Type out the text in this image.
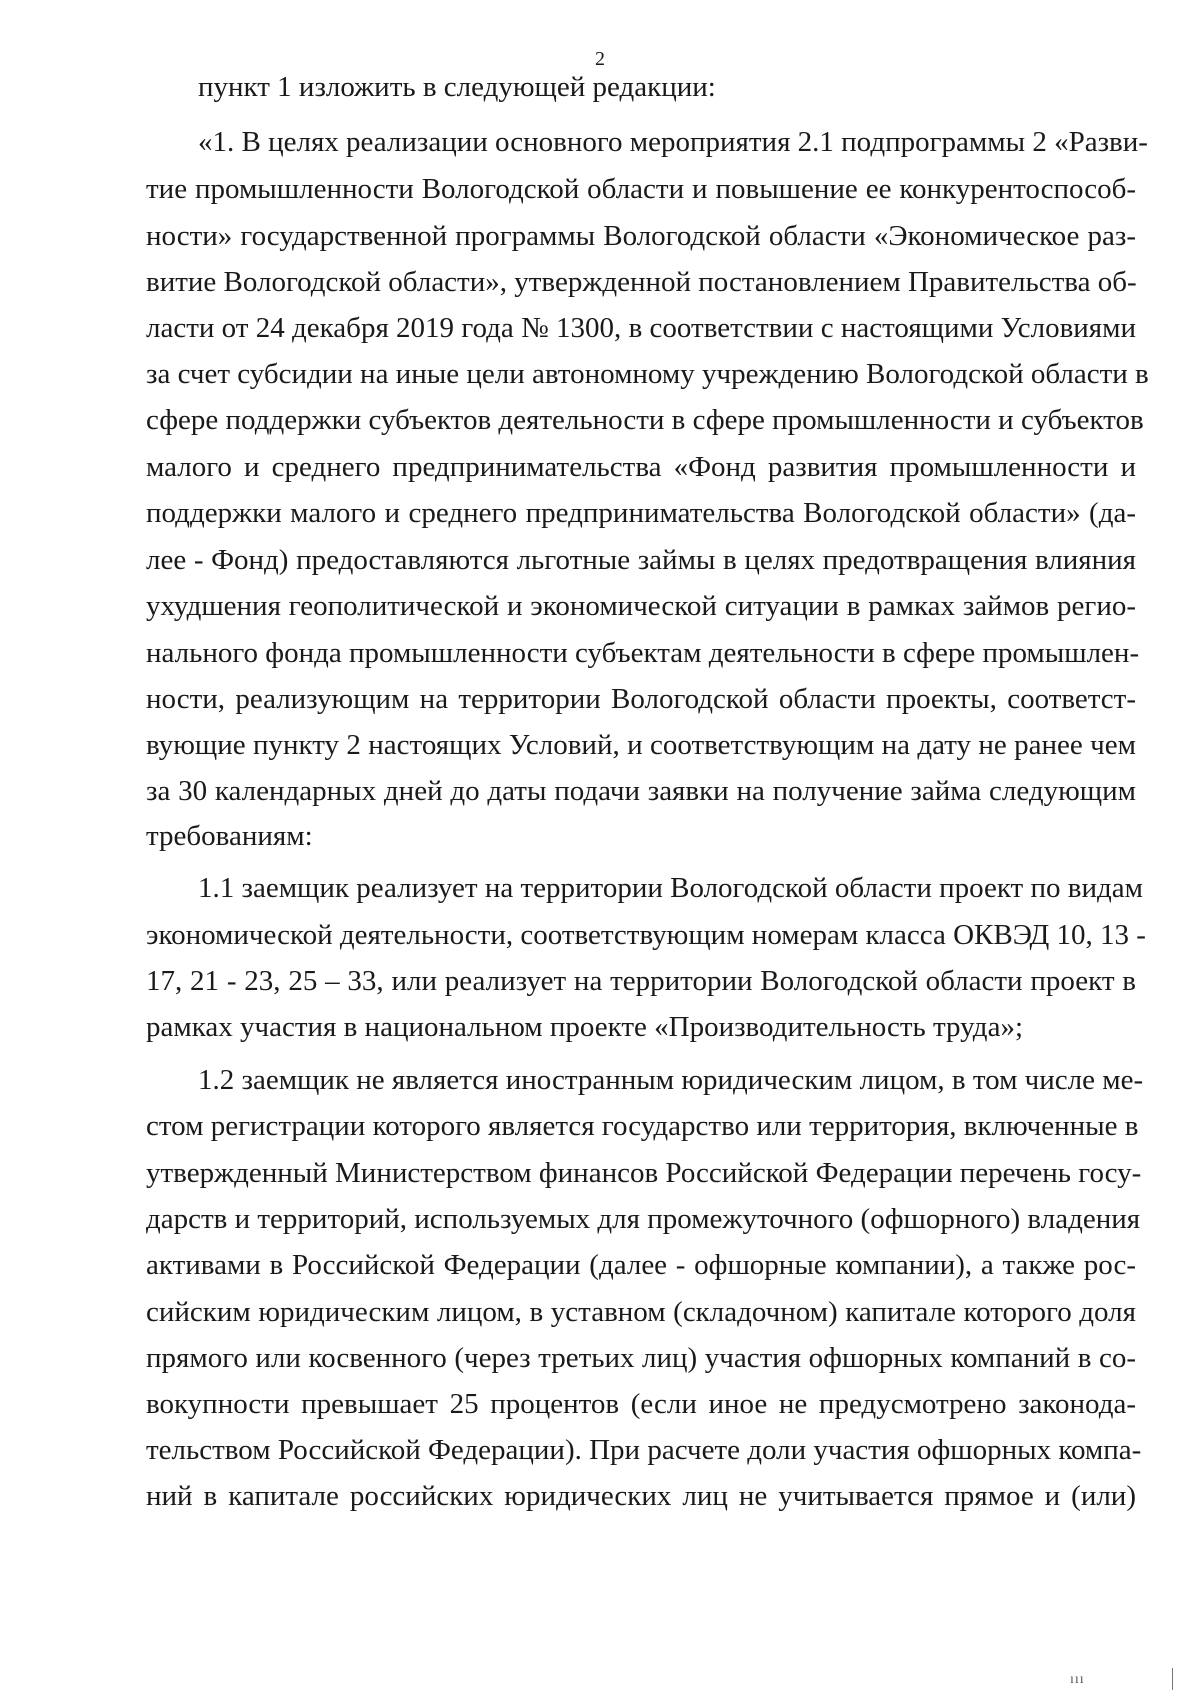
2
пункт 1 изложить в следующей редакции:
«1. В целях реализации основного мероприятия 2.1 подпрограммы 2 «Разви-
тие промышленности Вологодской области и повышение ее конкурентоспособ-
ности» государственной программы Вологодской области «Экономическое раз-
витие Вологодской области», утвержденной постановлением Правительства об-
ласти от 24 декабря 2019 года № 1300, в соответствии с настоящими Условиями
за счет субсидии на иные цели автономному учреждению Вологодской области в
сфере поддержки субъектов деятельности в сфере промышленности и субъектов
малого и среднего предпринимательства «Фонд развития промышленности и
поддержки малого и среднего предпринимательства Вологодской области» (да-
лее - Фонд) предоставляются льготные займы в целях предотвращения влияния
ухудшения геополитической и экономической ситуации в рамках займов регио-
нального фонда промышленности субъектам деятельности в сфере промышлен-
ности, реализующим на территории Вологодской области проекты, соответст-
вующие пункту 2 настоящих Условий, и соответствующим на дату не ранее чем
за 30 календарных дней до даты подачи заявки на получение займа следующим
требованиям:
1.1 заемщик реализует на территории Вологодской области проект по видам
экономической деятельности, соответствующим номерам класса ОКВЭД 10, 13 -
17, 21 - 23, 25 – 33, или реализует на территории Вологодской области проект в
рамках участия в национальном проекте «Производительность труда»;
1.2 заемщик не является иностранным юридическим лицом, в том числе ме-
стом регистрации которого является государство или территория, включенные в
утвержденный Министерством финансов Российской Федерации перечень госу-
дарств и территорий, используемых для промежуточного (офшорного) владения
активами в Российской Федерации (далее - офшорные компании), а также рос-
сийским юридическим лицом, в уставном (складочном) капитале которого доля
прямого или косвенного (через третьих лиц) участия офшорных компаний в со-
вокупности превышает 25 процентов (если иное не предусмотрено законода-
тельством Российской Федерации). При расчете доли участия офшорных компа-
ний в капитале российских юридических лиц не учитывается прямое и (или)
ııı
